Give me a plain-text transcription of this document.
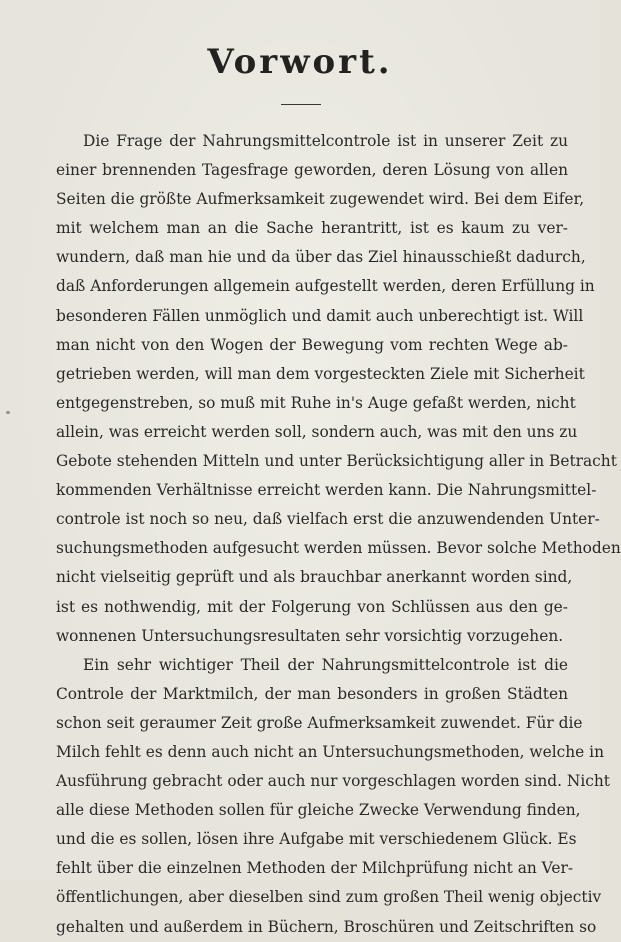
Vorwort.
Die Frage der Nahrungsmittelcontrole ist in unserer Zeit zu
einer brennenden Tagesfrage geworden, deren Lösung von allen
Seiten die größte Aufmerksamkeit zugewendet wird. Bei dem Eifer,
mit welchem man an die Sache herantritt, ist es kaum zu ver-
wundern, daß man hie und da über das Ziel hinausschießt dadurch,
daß Anforderungen allgemein aufgestellt werden, deren Erfüllung in
besonderen Fällen unmöglich und damit auch unberechtigt ist. Will
man nicht von den Wogen der Bewegung vom rechten Wege ab-
getrieben werden, will man dem vorgesteckten Ziele mit Sicherheit
entgegenstreben, so muß mit Ruhe in's Auge gefaßt werden, nicht
allein, was erreicht werden soll, sondern auch, was mit den uns zu
Gebote stehenden Mitteln und unter Berücksichtigung aller in Betracht
kommenden Verhältnisse erreicht werden kann. Die Nahrungsmittel-
controle ist noch so neu, daß vielfach erst die anzuwendenden Unter-
suchungsmethoden aufgesucht werden müssen. Bevor solche Methoden
nicht vielseitig geprüft und als brauchbar anerkannt worden sind,
ist es nothwendig, mit der Folgerung von Schlüssen aus den ge-
wonnenen Untersuchungsresultaten sehr vorsichtig vorzugehen.
Ein sehr wichtiger Theil der Nahrungsmittelcontrole ist die
Controle der Marktmilch, der man besonders in großen Städten
schon seit geraumer Zeit große Aufmerksamkeit zuwendet. Für die
Milch fehlt es denn auch nicht an Untersuchungsmethoden, welche in
Ausführung gebracht oder auch nur vorgeschlagen worden sind. Nicht
alle diese Methoden sollen für gleiche Zwecke Verwendung finden,
und die es sollen, lösen ihre Aufgabe mit verschiedenem Glück. Es
fehlt über die einzelnen Methoden der Milchprüfung nicht an Ver-
öffentlichungen, aber dieselben sind zum großen Theil wenig objectiv
gehalten und außerdem in Büchern, Broschüren und Zeitschriften so
